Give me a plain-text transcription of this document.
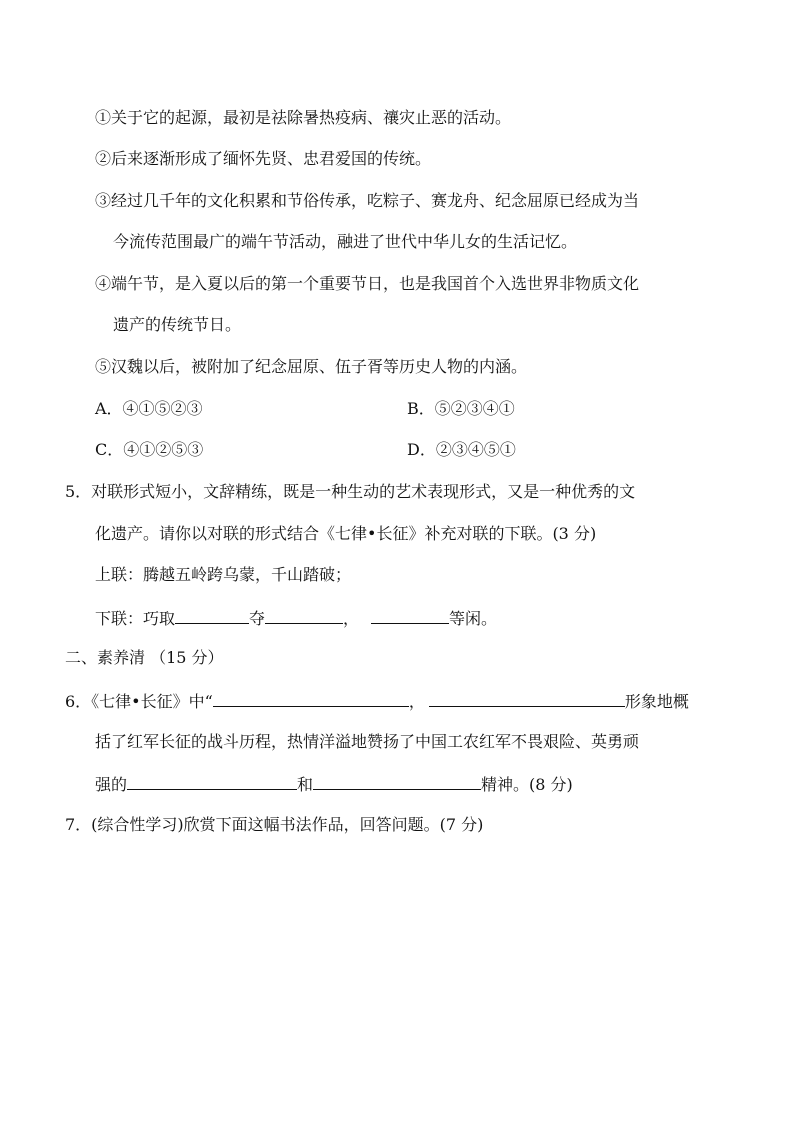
①关于它的起源，最初是祛除暑热疫病、禳灾止恶的活动。
②后来逐渐形成了缅怀先贤、忠君爱国的传统。
③经过几千年的文化积累和节俗传承，吃粽子、赛龙舟、纪念屈原已经成为当
今流传范围最广的端午节活动，融进了世代中华儿女的生活记忆。
④端午节，是入夏以后的第一个重要节日，也是我国首个入选世界非物质文化
遗产的传统节日。
⑤汉魏以后，被附加了纪念屈原、伍子胥等历史人物的内涵。
A．④①⑤②③	B．⑤②③④①
C．④①②⑤③	D．②③④⑤①
5．对联形式短小，文辞精练，既是一种生动的艺术表现形式，又是一种优秀的文
化遗产。请你以对联的形式结合《七律•长征》补充对联的下联。(3 分)
上联：腾越五岭跨乌蒙，千山踏破；
下联：巧取	夺	，	等闲。
二、素养清 （15 分）
6．《七律•长征》中“	，	形象地概
括了红军长征的战斗历程，热情洋溢地赞扬了中国工农红军不畏艰险、英勇顽
强的	和	精神。(8 分)
7．(综合性学习)欣赏下面这幅书法作品，回答问题。(7 分)
